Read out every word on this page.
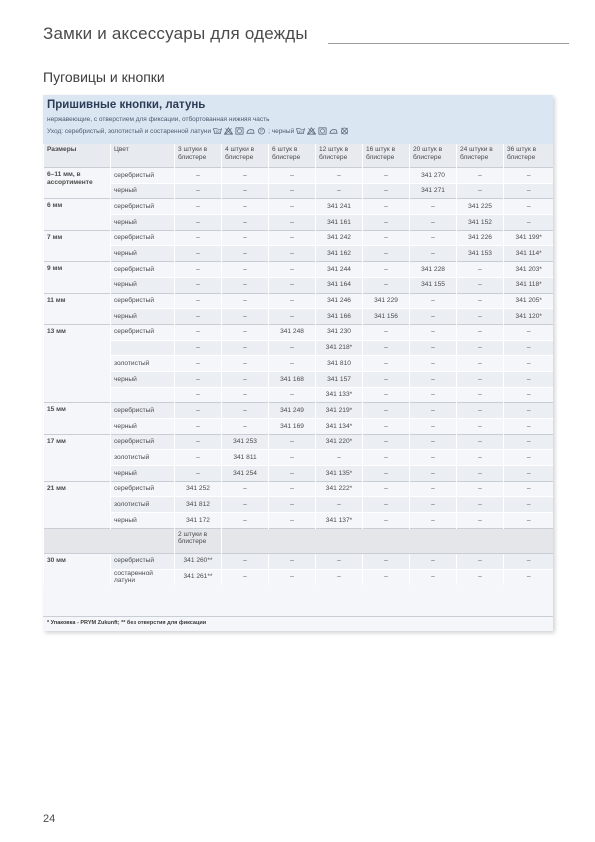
Замки и аксессуары для одежды
Пуговицы и кнопки
Пришивные кнопки, латунь
нержавеющие, с отверстием для фиксации, отбортованная нижняя часть
Уход: серебристый, золотистый и состаренной латуни 30	P ; черный 40
Размеры	Цвет	3 штуки в блистере	4 штуки в блистере	6 штук в блистере	12 штук в блистере	16 штук в блистере	20 штук в блистере	24 штуки в блистере	36 штук в блистере
6–11 мм, в ассортименте	серебристый	–	–	–	–	–	341 270	–	–
	черный	–	–	–	–	–	341 271	–	–
6 мм	серебристый	–	–	–	341 241	–	–	341 225	–
	черный	–	–	–	341 161	–	–	341 152	–
7 мм	серебристый	–	–	–	341 242	–	–	341 226	341 199*
	черный	–	–	–	341 162	–	–	341 153	341 114*
9 мм	серебристый	–	–	–	341 244	–	341 228	–	341 203*
	черный	–	–	–	341 164	–	341 155	–	341 118*
11 мм	серебристый	–	–	–	341 246	341 229	–	–	341 205*
	черный	–	–	–	341 166	341 156	–	–	341 120*
13 мм	серебристый	–	–	341 248	341 230	–	–	–	–
		–	–	–	341 218*	–	–	–	–
	золотистый	–	–	–	341 810	–	–	–	–
	черный	–	–	341 168	341 157	–	–	–	–
		–	–	–	341 133*	–	–	–	–
15 мм	серебристый	–	–	341 249	341 219*	–	–	–	–
	черный	–	–	341 169	341 134*	–	–	–	–
17 мм	серебристый	–	341 253	–	341 220*	–	–	–	–
	золотистый	–	341 811	–	–	–	–	–	–
	черный	–	341 254	–	341 135*	–	–	–	–
21 мм	серебристый	341 252	–	–	341 222*	–	–	–	–
	золотистый	341 812	–	–	–	–	–	–	–
	черный	341 172	–	–	341 137*	–	–	–	–
		2 штуки в блистере							
30 мм	серебристый	341 260**	–	–	–	–	–	–	–
	состаренной латуни	341 261**	–	–	–	–	–	–	–
* Упаковка - PRYM Zukunft; ** без отверстия для фиксации
24
